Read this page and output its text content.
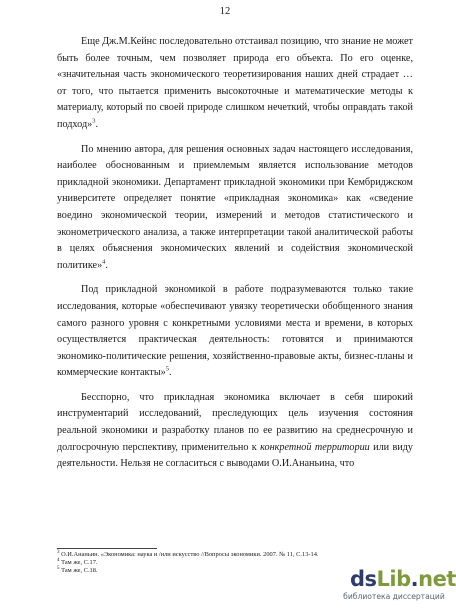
12

Еще Дж.М.Кейнс последовательно отстаивал позицию, что знание не может быть более точным, чем позволяет природа его объекта. По его оценке, «значительная часть экономического теоретизирования наших дней страдает …от того, что пытается применить высокоточные и математические методы к материалу, который по своей природе слишком нечеткий, чтобы оправдать такой подход»$^3$.

По мнению автора, для решения основных задач настоящего исследования, наиболее обоснованным и приемлемым является использование методов прикладной экономики. Департамент прикладной экономики при Кембриджском университете определяет понятие «прикладная экономика» как «сведение воедино экономической теории, измерений и методов статистического и эконометрического анализа, а также интерпретации такой аналитической работы в целях объяснения экономических явлений и содействия экономической политике»$^4$.

Под прикладной экономикой в работе подразумеваются только такие исследования, которые «обеспечивают увязку теоретически обобщенного знания самого разного уровня с конкретными условиями места и времени, в которых осуществляется практическая деятельность: готовятся и принимаются экономико-политические решения, хозяйственно-правовые акты, бизнес-планы и коммерческие контакты»$^5$.

Бесспорно, что прикладная экономика включает в себя широкий инструментарий исследований, преследующих цель изучения состояния реальной экономики и разработку планов по ее развитию на среднесрочную и долгосрочную перспективу, применительно к конкретной территории или виду деятельности. Нельзя не согласиться с выводами О.И.Ананьина, что

$^3$ О.И.Ананьин. «Экономика: наука и /или искусство //Вопросы экономики. 2007. № 11, С.13-14.
$^4$ Там же, С.17.
$^5$ Там же, С.18.	dsLib.net
библиотека диссертаций
